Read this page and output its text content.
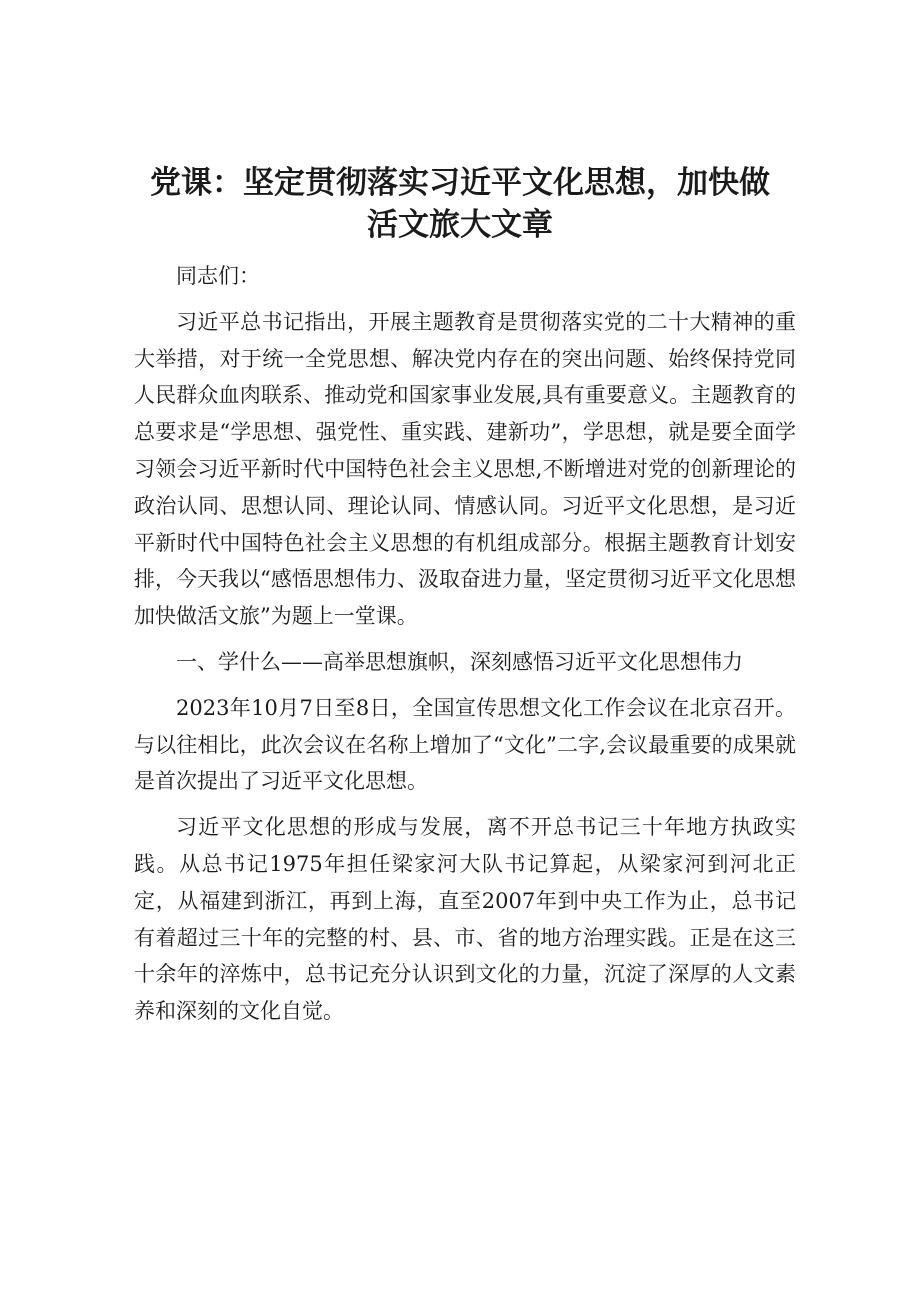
党课：坚定贯彻落实习近平文化思想，加快做
活文旅大文章

同志们：

习近平总书记指出，开展主题教育是贯彻落实党的二十大精神的重大举措，对于统一全党思想、解决党内存在的突出问题、始终保持党同人民群众血肉联系、推动党和国家事业发展,具有重要意义。主题教育的总要求是“学思想、强党性、重实践、建新功”，学思想，就是要全面学习领会习近平新时代中国特色社会主义思想,不断增进对党的创新理论的政治认同、思想认同、理论认同、情感认同。习近平文化思想，是习近平新时代中国特色社会主义思想的有机组成部分。根据主题教育计划安排，今天我以“感悟思想伟力、汲取奋进力量，坚定贯彻习近平文化思想加快做活文旅”为题上一堂课。

一、学什么——高举思想旗帜，深刻感悟习近平文化思想伟力

2023年10月7日至8日，全国宣传思想文化工作会议在北京召开。与以往相比，此次会议在名称上增加了“文化”二字,会议最重要的成果就是首次提出了习近平文化思想。

习近平文化思想的形成与发展，离不开总书记三十年地方执政实践。从总书记1975年担任梁家河大队书记算起，从梁家河到河北正定，从福建到浙江，再到上海，直至2007年到中央工作为止，总书记有着超过三十年的完整的村、县、市、省的地方治理实践。正是在这三十余年的淬炼中，总书记充分认识到文化的力量，沉淀了深厚的人文素养和深刻的文化自觉。
